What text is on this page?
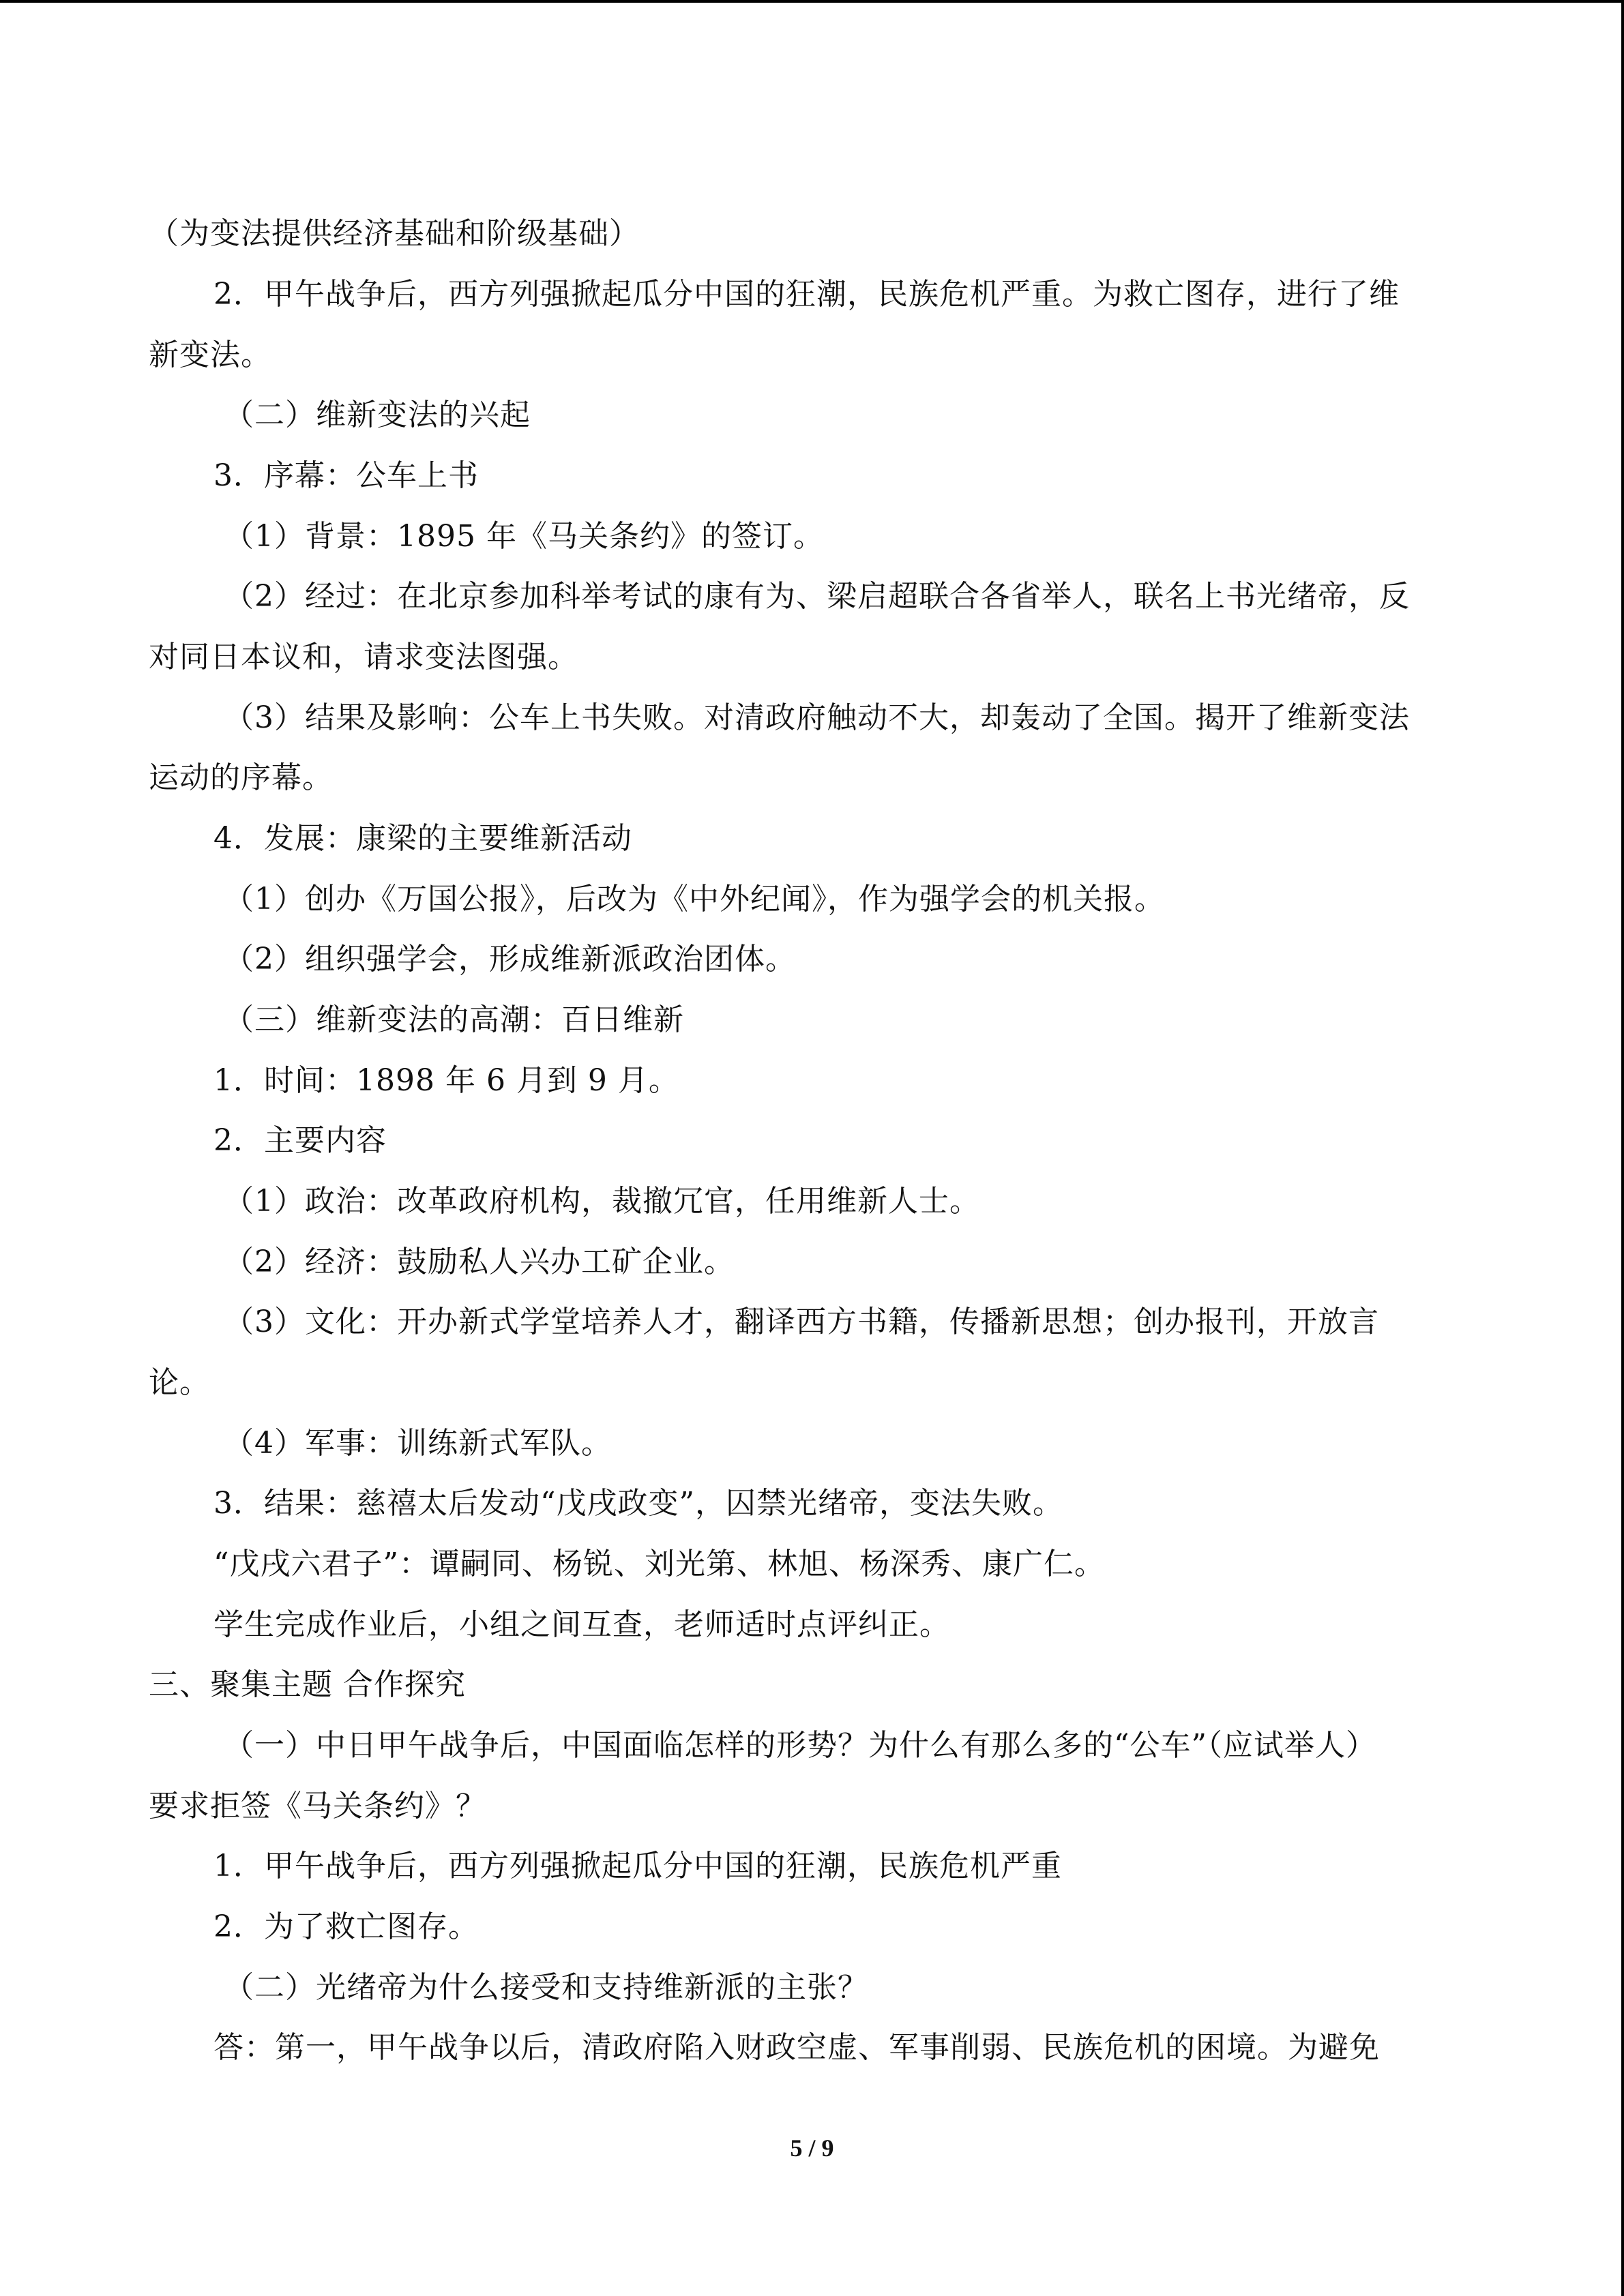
（为变法提供经济基础和阶级基础）
2．甲午战争后，西方列强掀起瓜分中国的狂潮，民族危机严重。为救亡图存，进行了维
新变法。
（二）维新变法的兴起
3．序幕：公车上书
（1）背景：1895 年《马关条约》的签订。
（2）经过：在北京参加科举考试的康有为、梁启超联合各省举人，联名上书光绪帝，反
对同日本议和，请求变法图强。
（3）结果及影响：公车上书失败。对清政府触动不大，却轰动了全国。揭开了维新变法
运动的序幕。
4．发展：康梁的主要维新活动
（1）创办《万国公报》，后改为《中外纪闻》，作为强学会的机关报。
（2）组织强学会，形成维新派政治团体。
（三）维新变法的高潮：百日维新
1．时间：1898 年 6 月到 9 月。
2．主要内容
（1）政治：改革政府机构，裁撤冗官，任用维新人士。
（2）经济：鼓励私人兴办工矿企业。
（3）文化：开办新式学堂培养人才，翻译西方书籍，传播新思想；创办报刊，开放言
论。
（4）军事：训练新式军队。
3．结果：慈禧太后发动“戊戌政变”，囚禁光绪帝，变法失败。
“戊戌六君子”：谭嗣同、杨锐、刘光第、林旭、杨深秀、康广仁。
学生完成作业后，小组之间互查，老师适时点评纠正。
三、聚集主题 合作探究
（一）中日甲午战争后，中国面临怎样的形势？为什么有那么多的“公车”（应试举人）
要求拒签《马关条约》？
1．甲午战争后，西方列强掀起瓜分中国的狂潮，民族危机严重
2．为了救亡图存。
（二）光绪帝为什么接受和支持维新派的主张？
答：第一，甲午战争以后，清政府陷入财政空虚、军事削弱、民族危机的困境。为避免
5 / 9
